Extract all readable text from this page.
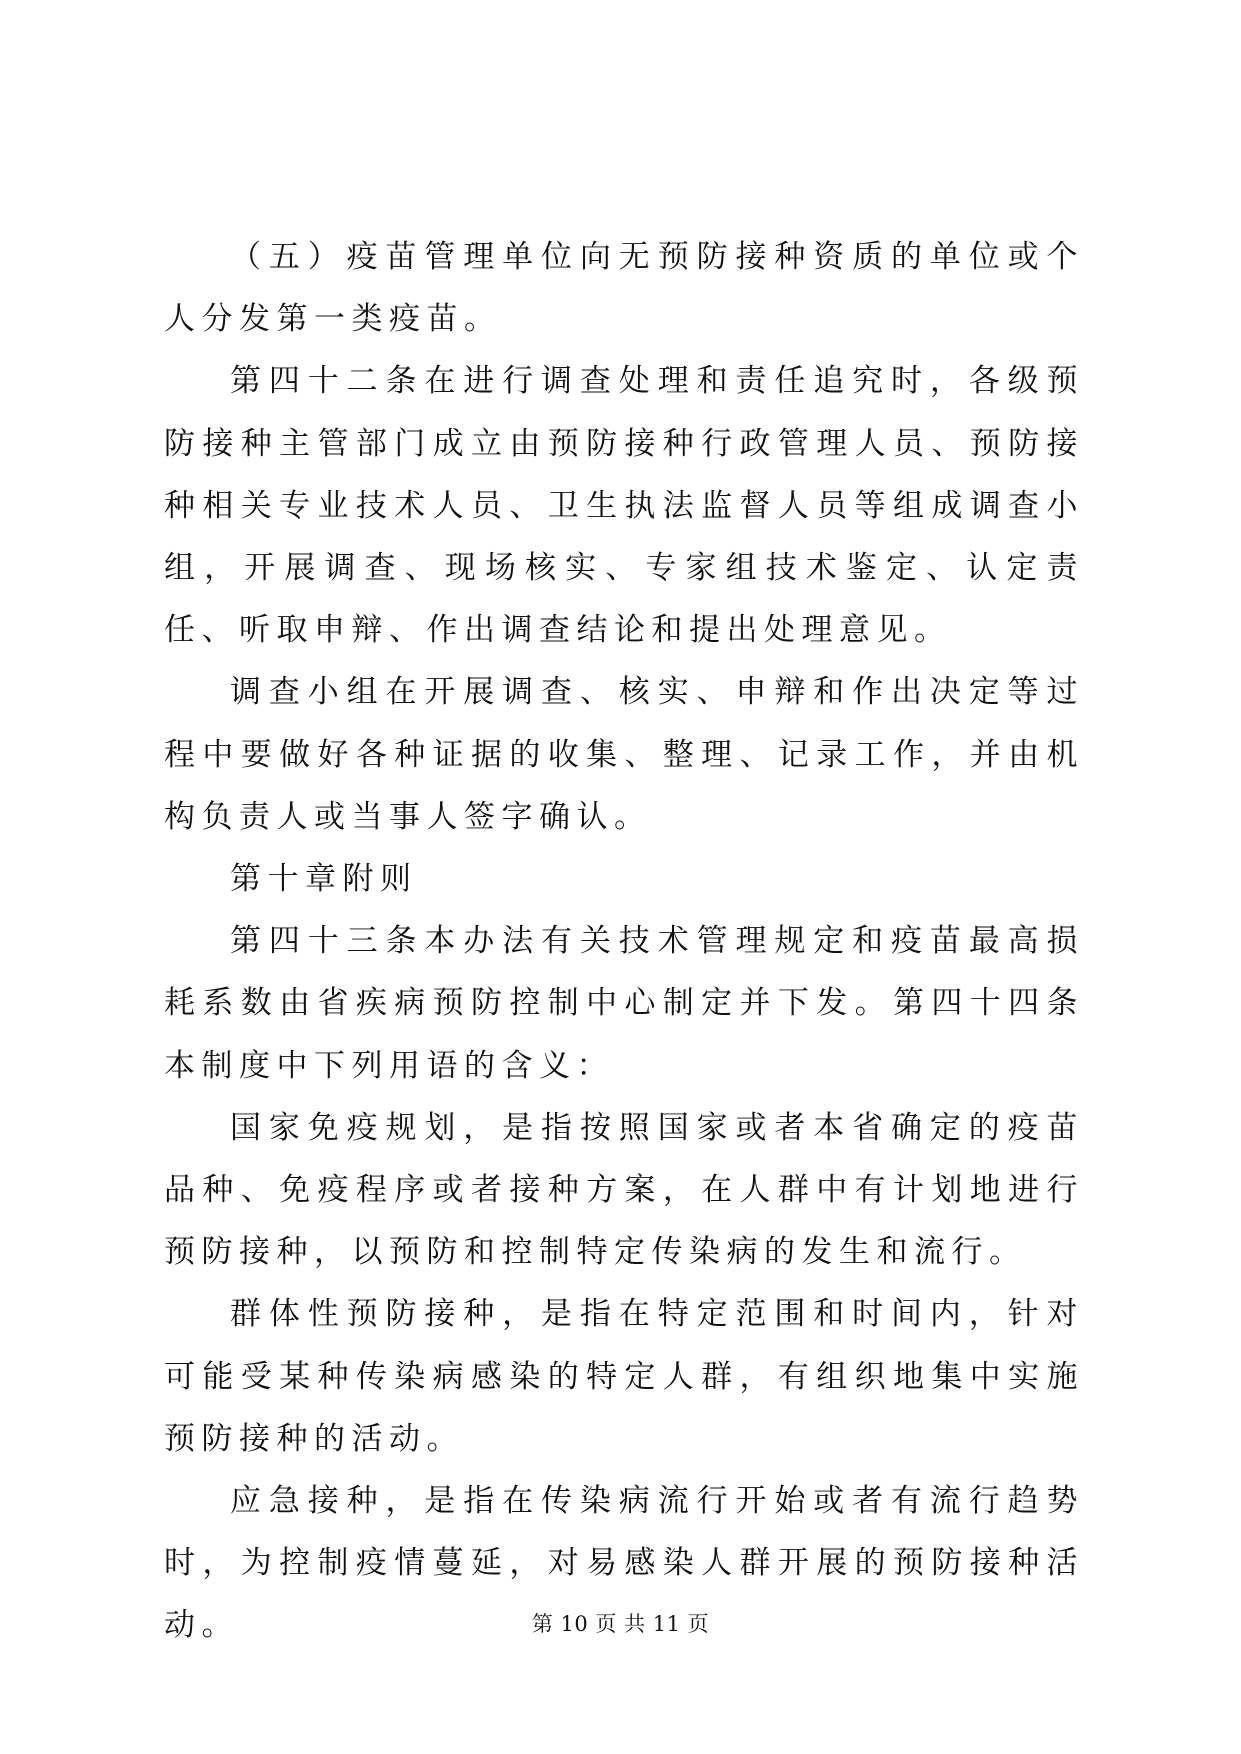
（五）疫苗管理单位向无预防接种资质的单位或个人分发第一类疫苗。

第四十二条在进行调查处理和责任追究时，各级预防接种主管部门成立由预防接种行政管理人员、预防接种相关专业技术人员、卫生执法监督人员等组成调查小组，开展调查、现场核实、专家组技术鉴定、认定责任、听取申辩、作出调查结论和提出处理意见。

调查小组在开展调查、核实、申辩和作出决定等过程中要做好各种证据的收集、整理、记录工作，并由机构负责人或当事人签字确认。

第十章附则

第四十三条本办法有关技术管理规定和疫苗最高损耗系数由省疾病预防控制中心制定并下发。第四十四条本制度中下列用语的含义：

国家免疫规划，是指按照国家或者本省确定的疫苗品种、免疫程序或者接种方案，在人群中有计划地进行预防接种，以预防和控制特定传染病的发生和流行。

群体性预防接种，是指在特定范围和时间内，针对可能受某种传染病感染的特定人群，有组织地集中实施预防接种的活动。

应急接种，是指在传染病流行开始或者有流行趋势时，为控制疫情蔓延，对易感染人群开展的预防接种活动。	第 10 页 共 11 页
